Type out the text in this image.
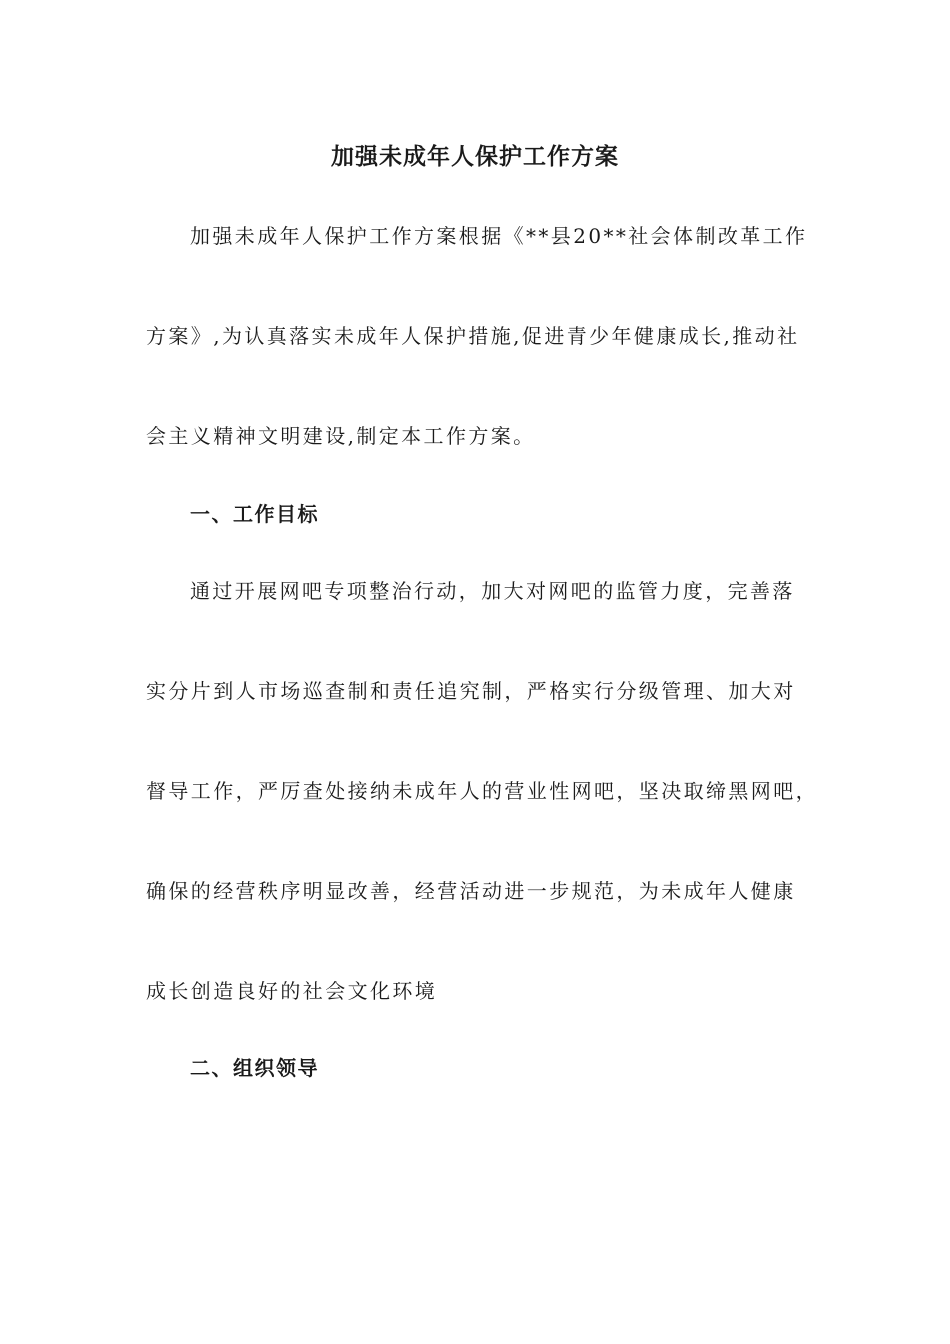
加强未成年人保护工作方案
加强未成年人保护工作方案根据《**县20**社会体制改革工作
方案》,为认真落实未成年人保护措施,促进青少年健康成长,推动社
会主义精神文明建设,制定本工作方案。
一、工作目标
通过开展网吧专项整治行动，加大对网吧的监管力度，完善落
实分片到人市场巡查制和责任追究制，严格实行分级管理、加大对
督导工作，严厉查处接纳未成年人的营业性网吧，坚决取缔黑网吧，
确保的经营秩序明显改善，经营活动进一步规范，为未成年人健康
成长创造良好的社会文化环境
二、组织领导
